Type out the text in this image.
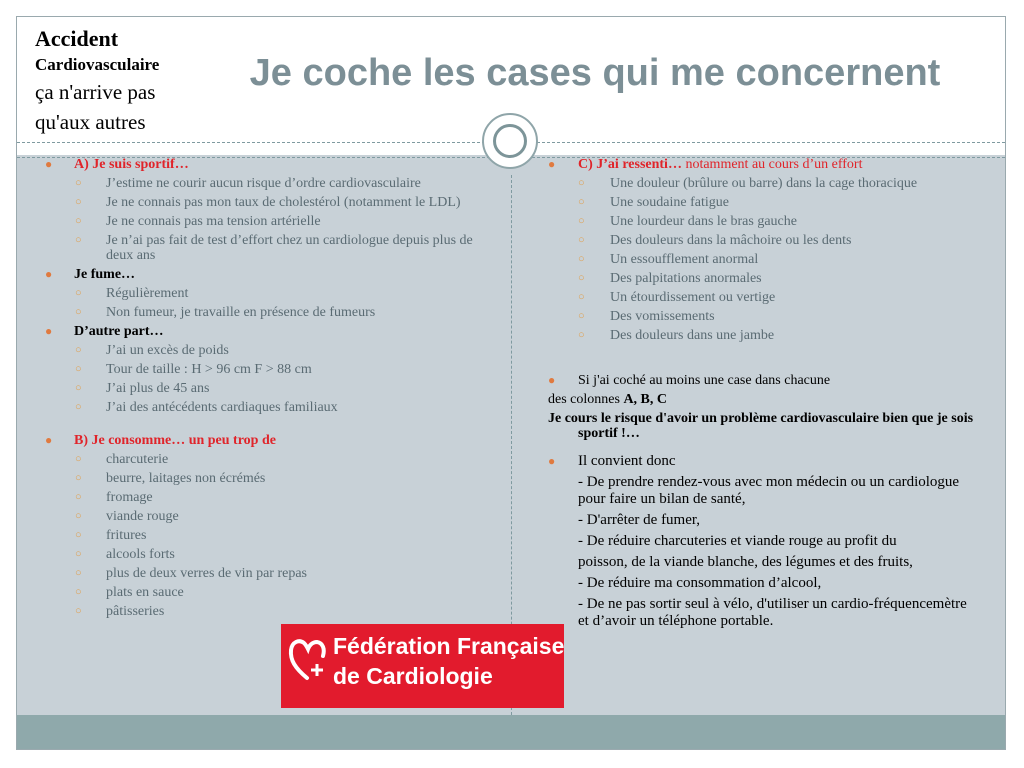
Accident
Cardiovasculaire
ça n'arrive pas
qu'aux autres
Je coche les cases qui me concernent
● A) Je suis sportif…
○ J’estime ne courir aucun risque d’ordre cardiovasculaire
○ Je ne connais pas mon taux de cholestérol (notamment le LDL)
○ Je ne connais pas ma tension artérielle
○ Je n’ai pas fait de test d’effort chez un cardiologue depuis plus de deux ans
● Je fume…
○ Régulièrement
○ Non fumeur, je travaille en présence de fumeurs
● D’autre part…
○ J’ai un excès de poids
○ Tour de taille : H > 96 cm F > 88 cm
○ J’ai plus de 45 ans
○ J’ai des antécédents cardiaques familiaux
● B) Je consomme… un peu trop de
○ charcuterie
○ beurre, laitages non écrémés
○ fromage
○ viande rouge
○ fritures
○ alcools forts
○ plus de deux verres de vin par repas
○ plats en sauce
○ pâtisseries
● C) J’ai ressenti… notamment au cours d’un effort
○ Une douleur (brûlure ou barre) dans la cage thoracique
○ Une soudaine fatigue
○ Une lourdeur dans le bras gauche
○ Des douleurs dans la mâchoire ou les dents
○ Un essoufflement anormal
○ Des palpitations anormales
○ Un étourdissement ou vertige
○ Des vomissements
○ Des douleurs dans une jambe
● Si j'ai coché au moins une case dans chacune
des colonnes A, B, C
Je cours le risque d'avoir un problème cardiovasculaire bien que je sois sportif !…
● Il convient donc
- De prendre rendez-vous avec mon médecin ou un cardiologue pour faire un bilan de santé,
- D'arrêter de fumer,
- De réduire charcuteries et viande rouge au profit du
poisson, de la viande blanche, des légumes et des fruits,
- De réduire ma consommation d’alcool,
- De ne pas sortir seul à vélo, d'utiliser un cardio-fréquencemètre et d’avoir un téléphone portable.
Fédération Française
de Cardiologie
